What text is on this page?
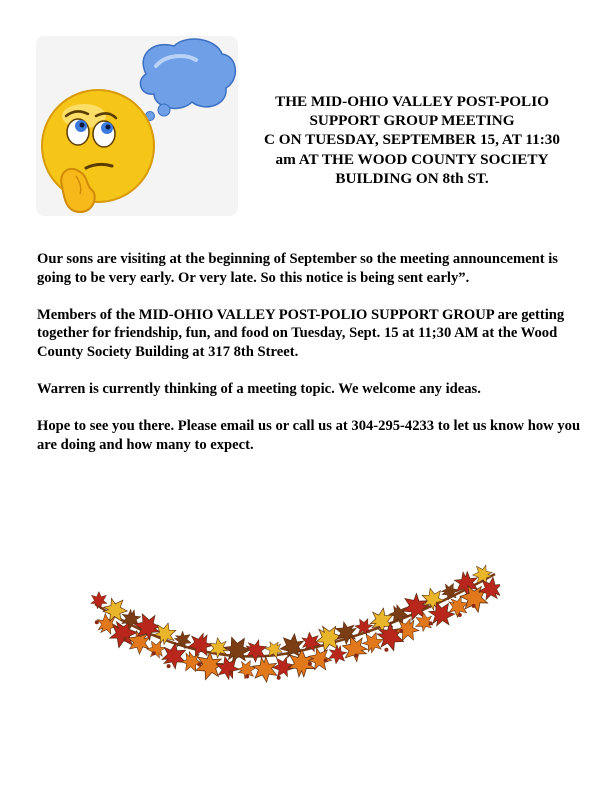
THE MID-OHIO VALLEY POST-POLIO
SUPPORT GROUP MEETING
C ON TUESDAY, SEPTEMBER 15, AT 11:30
am AT THE WOOD COUNTY SOCIETY
BUILDING ON 8th ST.

Our sons are visiting at the beginning of September so the meeting announcement is going to be very early. Or very late. So this notice is being sent early”.

Members of the MID-OHIO VALLEY POST-POLIO SUPPORT GROUP are getting together for friendship, fun, and food on Tuesday, Sept. 15 at 11;30 AM at the Wood County Society Building at 317 8th Street.

Warren is currently thinking of a meeting topic. We welcome any ideas.

Hope to see you there. Please email us or call us at 304-295-4233 to let us know how you are doing and how many to expect.
